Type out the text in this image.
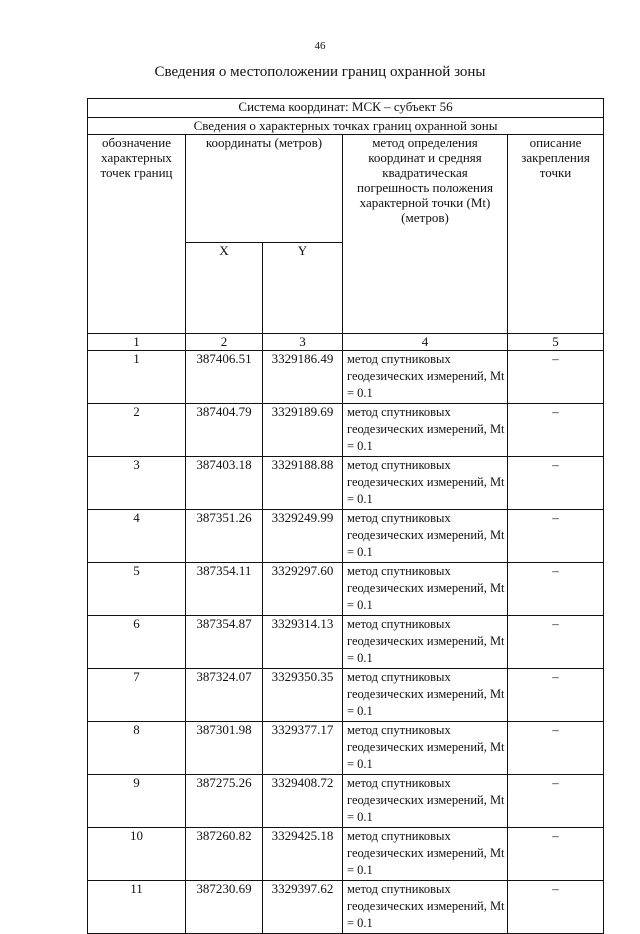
46
Сведения о местоположении границ охранной зоны
Система координат: МСК – субъект 56				
Сведения о характерных точках границ охранной зоны				
обозначение характерных точек границ	координаты (метров)		метод определения координат и средняя квадратическая погрешность положения характерной точки (Mt) (метров)	описание закрепления точки
	X	Y		
1	2	3	4	5
1	387406.51	3329186.49	метод спутниковых геодезических измерений, Mt = 0.1	–
2	387404.79	3329189.69	метод спутниковых геодезических измерений, Mt = 0.1	–
3	387403.18	3329188.88	метод спутниковых геодезических измерений, Mt = 0.1	–
4	387351.26	3329249.99	метод спутниковых геодезических измерений, Mt = 0.1	–
5	387354.11	3329297.60	метод спутниковых геодезических измерений, Mt = 0.1	–
6	387354.87	3329314.13	метод спутниковых геодезических измерений, Mt = 0.1	–
7	387324.07	3329350.35	метод спутниковых геодезических измерений, Mt = 0.1	–
8	387301.98	3329377.17	метод спутниковых геодезических измерений, Mt = 0.1	–
9	387275.26	3329408.72	метод спутниковых геодезических измерений, Mt = 0.1	–
10	387260.82	3329425.18	метод спутниковых геодезических измерений, Mt = 0.1	–
11	387230.69	3329397.62	метод спутниковых геодезических измерений, Mt = 0.1	–
